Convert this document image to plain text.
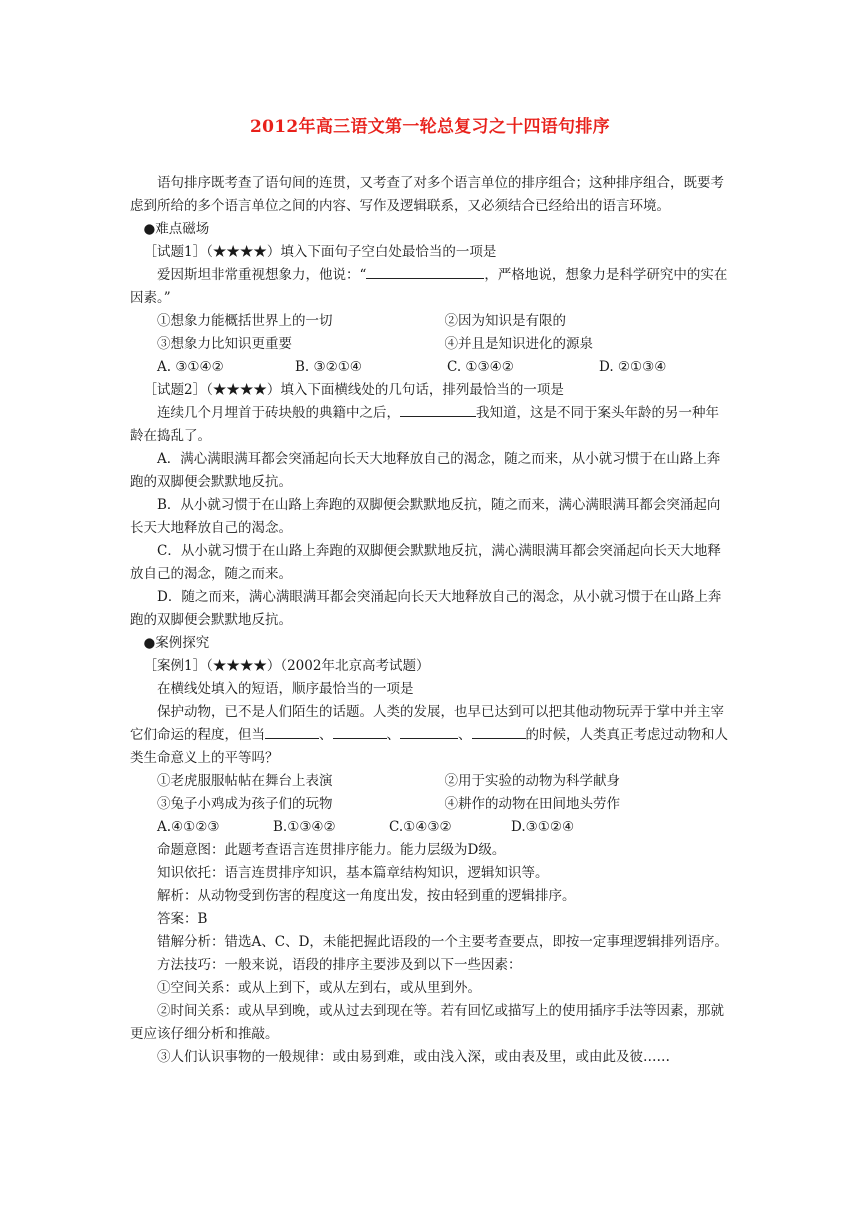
2012年高三语文第一轮总复习之十四语句排序

语句排序既考查了语句间的连贯，又考查了对多个语言单位的排序组合；这种排序组合，既要考虑到所给的多个语言单位之间的内容、写作及逻辑联系，又必须结合已经给出的语言环境。

●难点磁场

［试题1］（★★★★）填入下面句子空白处最恰当的一项是

爱因斯坦非常重视想象力，他说：“	，严格地说，想象力是科学研究中的实在因素。”

①想象力能概括世界上的一切	②因为知识是有限的
③想象力比知识更重要	④并且是知识进化的源泉
A. ③①④②	B. ③②①④	C. ①③④②	D. ②①③④

［试题2］（★★★★）填入下面横线处的几句话，排列最恰当的一项是

连续几个月埋首于砖块般的典籍中之后，	我知道，这是不同于案头年龄的另一种年龄在捣乱了。

A．满心满眼满耳都会突涌起向长天大地释放自己的渴念，随之而来，从小就习惯于在山路上奔跑的双脚便会默默地反抗。

B．从小就习惯于在山路上奔跑的双脚便会默默地反抗，随之而来，满心满眼满耳都会突涌起向长天大地释放自己的渴念。

C．从小就习惯于在山路上奔跑的双脚便会默默地反抗，满心满眼满耳都会突涌起向长天大地释放自己的渴念，随之而来。

D．随之而来，满心满眼满耳都会突涌起向长天大地释放自己的渴念，从小就习惯于在山路上奔跑的双脚便会默默地反抗。

●案例探究

［案例1］（★★★★）（2002年北京高考试题）

在横线处填入的短语，顺序最恰当的一项是

保护动物，已不是人们陌生的话题。人类的发展，也早已达到可以把其他动物玩弄于掌中并主宰它们命运的程度，但当	、	、	、	的时候，人类真正考虑过动物和人类生命意义上的平等吗？

①老虎服服帖帖在舞台上表演	②用于实验的动物为科学献身
③兔子小鸡成为孩子们的玩物	④耕作的动物在田间地头劳作
A.④①②③	B.①③④②	C.①④③②	D.③①②④

命题意图：此题考查语言连贯排序能力。能力层级为D级。

知识依托：语言连贯排序知识，基本篇章结构知识，逻辑知识等。

解析：从动物受到伤害的程度这一角度出发，按由轻到重的逻辑排序。

答案：B

错解分析：错选A、C、D，未能把握此语段的一个主要考查要点，即按一定事理逻辑排列语序。

方法技巧：一般来说，语段的排序主要涉及到以下一些因素：

①空间关系：或从上到下，或从左到右，或从里到外。

②时间关系：或从早到晚，或从过去到现在等。若有回忆或描写上的使用插序手法等因素，那就更应该仔细分析和推敲。

③人们认识事物的一般规律：或由易到难，或由浅入深，或由表及里，或由此及彼……
